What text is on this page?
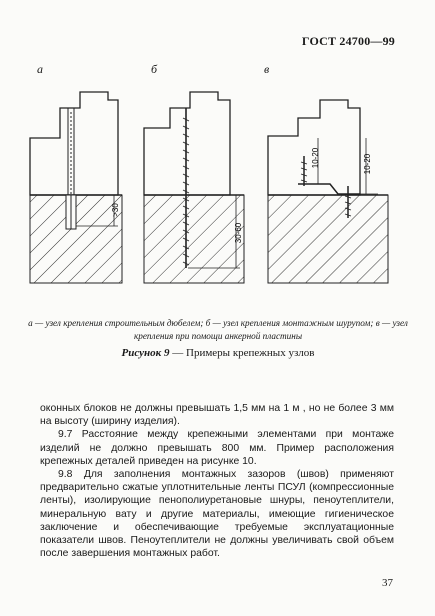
ГОСТ 24700—99
а	б	в
>30
30-60
10-20	10-20
а — узел крепления строительным дюбелем; б — узел крепления монтажным шурупом; в — узел крепления при помощи анкерной пластины
Рисунок 9 — Примеры крепежных узлов

оконных блоков не должны превышать 1,5 мм на 1 м , но не более 3 мм на высоту (ширину изделия).

9.7 Расстояние между крепежными элементами при монтаже изделий не должно превышать 800 мм. Пример расположения крепежных деталей приведен на рисунке 10.

9.8 Для заполнения монтажных зазоров (швов) применяют предварительно сжатые уплотнительные ленты ПСУЛ (компрессионные ленты), изолирующие пенополиуретановые шнуры, пеноутеплители, минеральную вату и другие материалы, имеющие гигиеническое заключение и обеспечивающие требуемые эксплуатационные показатели швов. Пеноутеплители не должны увеличивать свой объем после завершения монтажных работ.

37
